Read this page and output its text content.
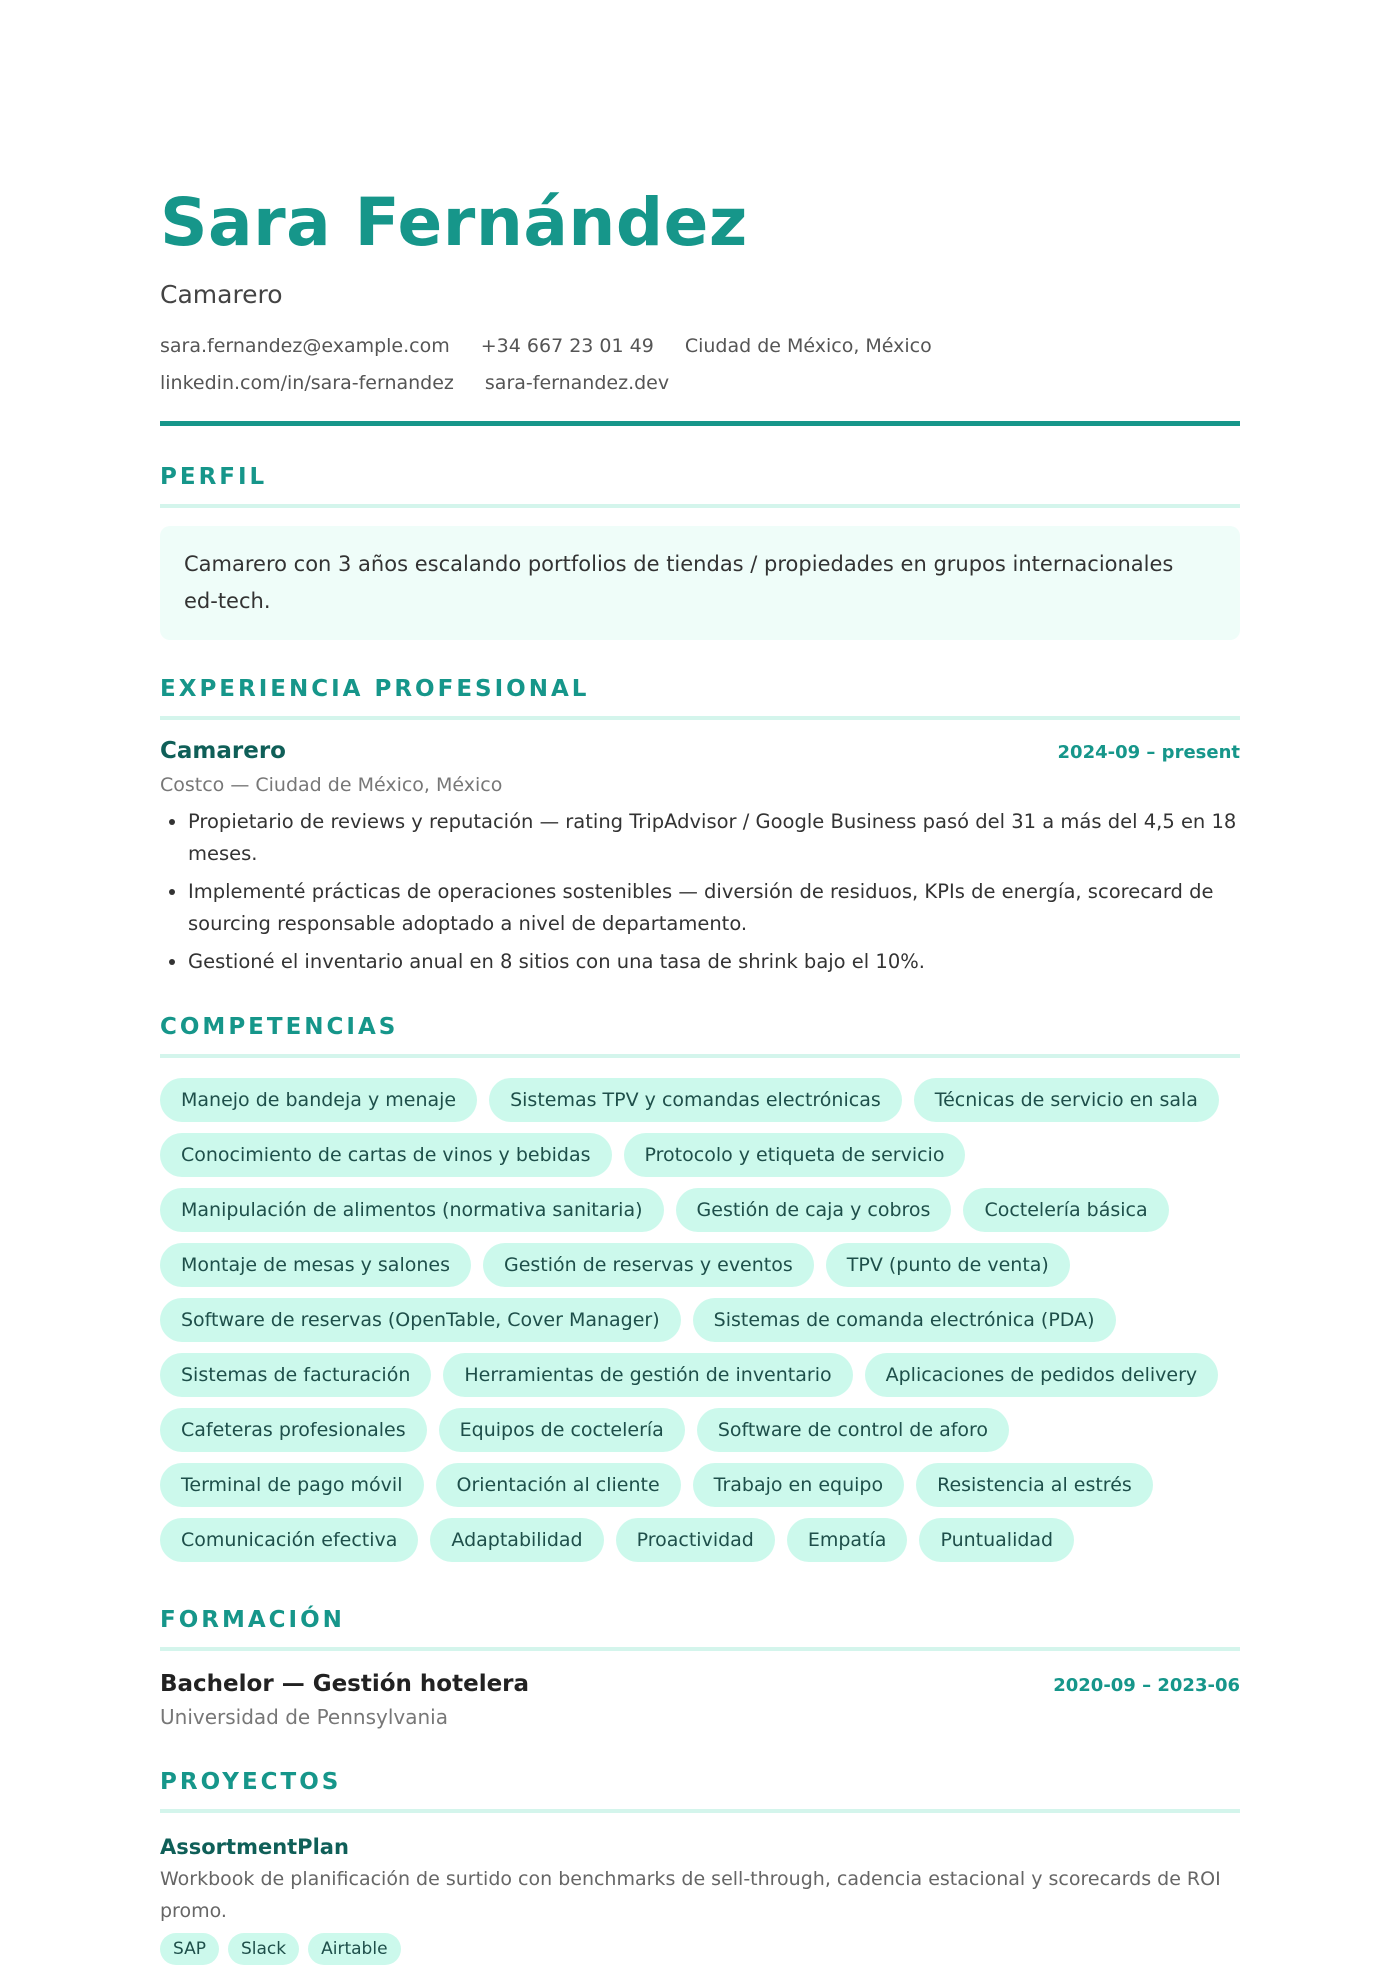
Sara Fernández
Camarero
sara.fernandez@example.com +34 667 23 01 49 Ciudad de México, México
linkedin.com/in/sara-fernandez sara-fernandez.dev
PERFIL
Camarero con 3 años escalando portfolios de tiendas / propiedades en grupos internacionales ed-tech.
EXPERIENCIA PROFESIONAL
Camarero	2024-09 – present
Costco — Ciudad de México, México
• Propietario de reviews y reputación — rating TripAdvisor / Google Business pasó del 31 a más del 4,5 en 18 meses.
• Implementé prácticas de operaciones sostenibles — diversión de residuos, KPIs de energía, scorecard de sourcing responsable adoptado a nivel de departamento.
• Gestioné el inventario anual en 8 sitios con una tasa de shrink bajo el 10%.
COMPETENCIAS
Manejo de bandeja y menaje	Sistemas TPV y comandas electrónicas	Técnicas de servicio en sala
Conocimiento de cartas de vinos y bebidas	Protocolo y etiqueta de servicio
Manipulación de alimentos (normativa sanitaria)	Gestión de caja y cobros	Coctelería básica
Montaje de mesas y salones	Gestión de reservas y eventos	TPV (punto de venta)
Software de reservas (OpenTable, Cover Manager)	Sistemas de comanda electrónica (PDA)
Sistemas de facturación	Herramientas de gestión de inventario	Aplicaciones de pedidos delivery
Cafeteras profesionales	Equipos de coctelería	Software de control de aforo
Terminal de pago móvil	Orientación al cliente	Trabajo en equipo	Resistencia al estrés
Comunicación efectiva	Adaptabilidad	Proactividad	Empatía	Puntualidad
FORMACIÓN
Bachelor — Gestión hotelera	2020-09 – 2023-06
Universidad de Pennsylvania
PROYECTOS
AssortmentPlan
Workbook de planificación de surtido con benchmarks de sell-through, cadencia estacional y scorecards de ROI promo.
SAP	Slack	Airtable
